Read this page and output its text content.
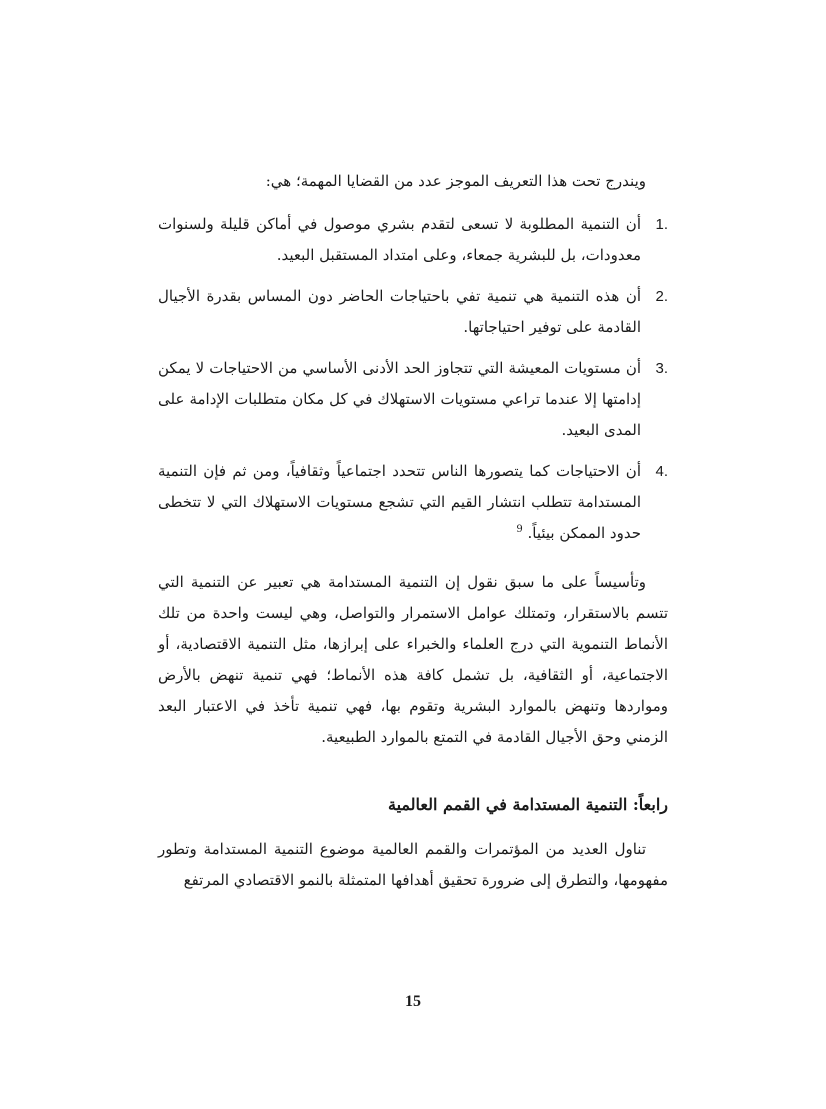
ويندرج تحت هذا التعريف الموجز عدد من القضايا المهمة؛ هي:

1.
أن التنمية المطلوبة لا تسعى لتقدم بشري موصول في أماكن قليلة ولسنوات معدودات، بل للبشرية جمعاء، وعلى امتداد المستقبل البعيد.
2.
أن هذه التنمية هي تنمية تفي باحتياجات الحاضر دون المساس بقدرة الأجيال القادمة على توفير احتياجاتها.
3.
أن مستويات المعيشة التي تتجاوز الحد الأدنى الأساسي من الاحتياجات لا يمكن إدامتها إلا عندما تراعي مستويات الاستهلاك في كل مكان متطلبات الإدامة على المدى البعيد.
4.
أن الاحتياجات كما يتصورها الناس تتحدد اجتماعياً وثقافياً، ومن ثم فإن التنمية المستدامة تتطلب انتشار القيم التي تشجع مستويات الاستهلاك التي لا تتخطى حدود الممكن بيئياً. $^9$

وتأسيساً على ما سبق نقول إن التنمية المستدامة هي تعبير عن التنمية التي تتسم بالاستقرار، وتمتلك عوامل الاستمرار والتواصل، وهي ليست واحدة من تلك الأنماط التنموية التي درج العلماء والخبراء على إبرازها، مثل التنمية الاقتصادية، أو الاجتماعية، أو الثقافية، بل تشمل كافة هذه الأنماط؛ فهي تنمية تنهض بالأرض ومواردها وتنهض بالموارد البشرية وتقوم بها، فهي تنمية تأخذ في الاعتبار البعد الزمني وحق الأجيال القادمة في التمتع بالموارد الطبيعية.

رابعاً: التنمية المستدامة في القمم العالمية

تناول العديد من المؤتمرات والقمم العالمية موضوع التنمية المستدامة وتطور مفهومها، والتطرق إلى ضرورة تحقيق أهدافها المتمثلة بالنمو الاقتصادي المرتفع

15
